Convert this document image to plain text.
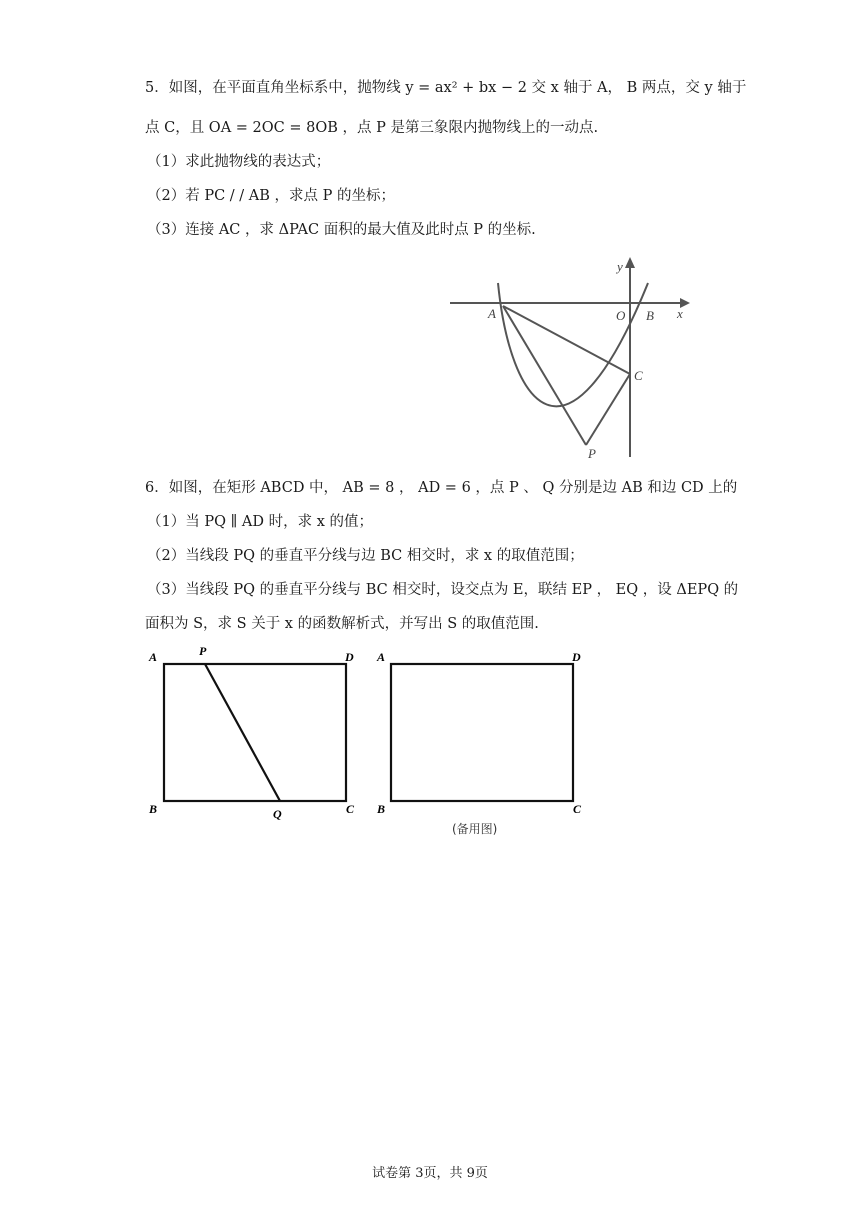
5．如图，在平面直角坐标系中，抛物线 y = ax² + bx − 2 交 x 轴于 A， B 两点，交 y 轴于
点 C，且 OA = 2OC = 8OB ，点 P 是第三象限内抛物线上的一动点.
（1）求此抛物线的表达式；
（2）若 PC / / AB ，求点 P 的坐标；
（3）连接 AC ，求 ΔPAC 面积的最大值及此时点 P 的坐标.
y
x
A	O B
C
P
6．如图，在矩形 ABCD 中， AB = 8 ， AD = 6 ，点 P 、 Q 分别是边 AB 和边 CD 上的
（1）当 PQ ∥ AD 时，求 x 的值；
（2）当线段 PQ 的垂直平分线与边 BC 相交时，求 x 的取值范围；
（3）当线段 PQ 的垂直平分线与 BC 相交时，设交点为 E，联结 EP ， EQ ，设 ΔEPQ 的
面积为 S，求 S 关于 x 的函数解析式，并写出 S 的取值范围.
A	P	D
B	Q	C
A	D
B	C
(备用图)
试卷第 3页，共 9页
